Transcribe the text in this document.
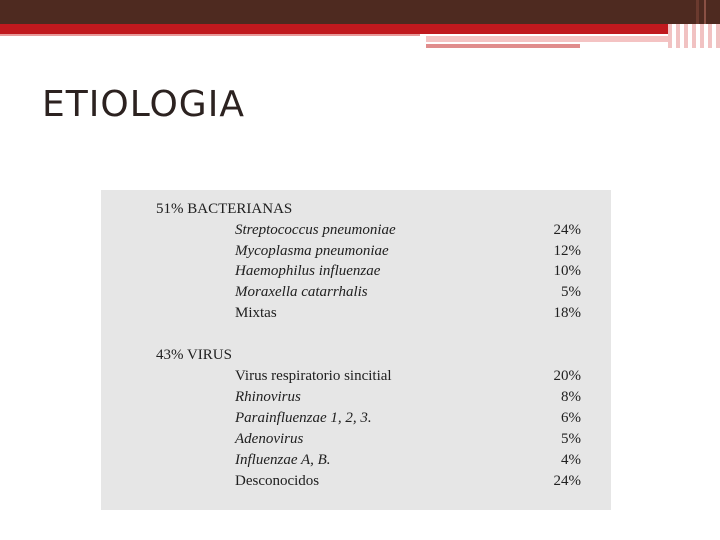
ETIOLOGIA
51% BACTERIANAS
Streptococcus pneumoniae	24%
Mycoplasma pneumoniae	12%
Haemophilus influenzae	10%
Moraxella catarrhalis	5%
Mixtas	18%
43% VIRUS
Virus respiratorio sincitial	20%
Rhinovirus	8%
Parainfluenzae 1, 2, 3.	6%
Adenovirus	5%
Influenzae A, B.	4%
Desconocidos	24%
